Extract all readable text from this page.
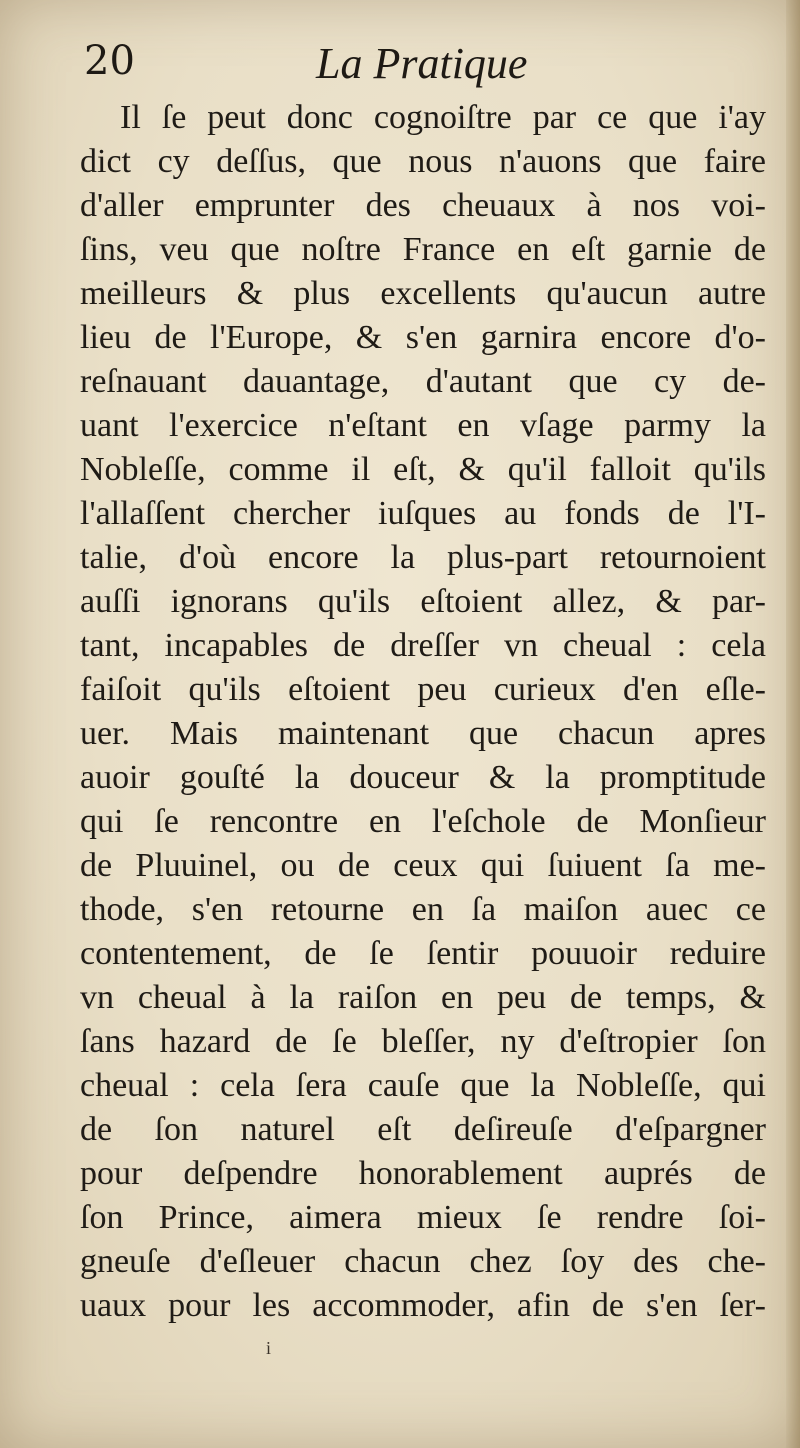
20	La Pratique
Il ſe peut donc cognoiſtre par ce que i'ay
dict cy deſſus, que nous n'auons que faire
d'aller emprunter des cheuaux à nos voi-
ſins, veu que noſtre France en eſt garnie de
meilleurs & plus excellents qu'aucun autre
lieu de l'Europe, & s'en garnira encore d'o-
reſnauant dauantage, d'autant que cy de-
uant l'exercice n'eſtant en vſage parmy la
Nobleſſe, comme il eſt, & qu'il falloit qu'ils
l'allaſſent chercher iuſques au fonds de l'I-
talie, d'où encore la plus-part retournoient
auſſi ignorans qu'ils eſtoient allez, & par-
tant, incapables de dreſſer vn cheual : cela
faiſoit qu'ils eſtoient peu curieux d'en eſle-
uer. Mais maintenant que chacun apres
auoir gouſté la douceur & la promptitude
qui ſe rencontre en l'eſchole de Monſieur
de Pluuinel, ou de ceux qui ſuiuent ſa me-
thode, s'en retourne en ſa maiſon auec ce
contentement, de ſe ſentir pouuoir reduire
vn cheual à la raiſon en peu de temps, &
ſans hazard de ſe bleſſer, ny d'eſtropier ſon
cheual : cela ſera cauſe que la Nobleſſe, qui
de ſon naturel eſt deſireuſe d'eſpargner
pour deſpendre honorablement auprés de
ſon Prince, aimera mieux ſe rendre ſoi-
gneuſe d'eſleuer chacun chez ſoy des che-
uaux pour les accommoder, afin de s'en ſer-
i
